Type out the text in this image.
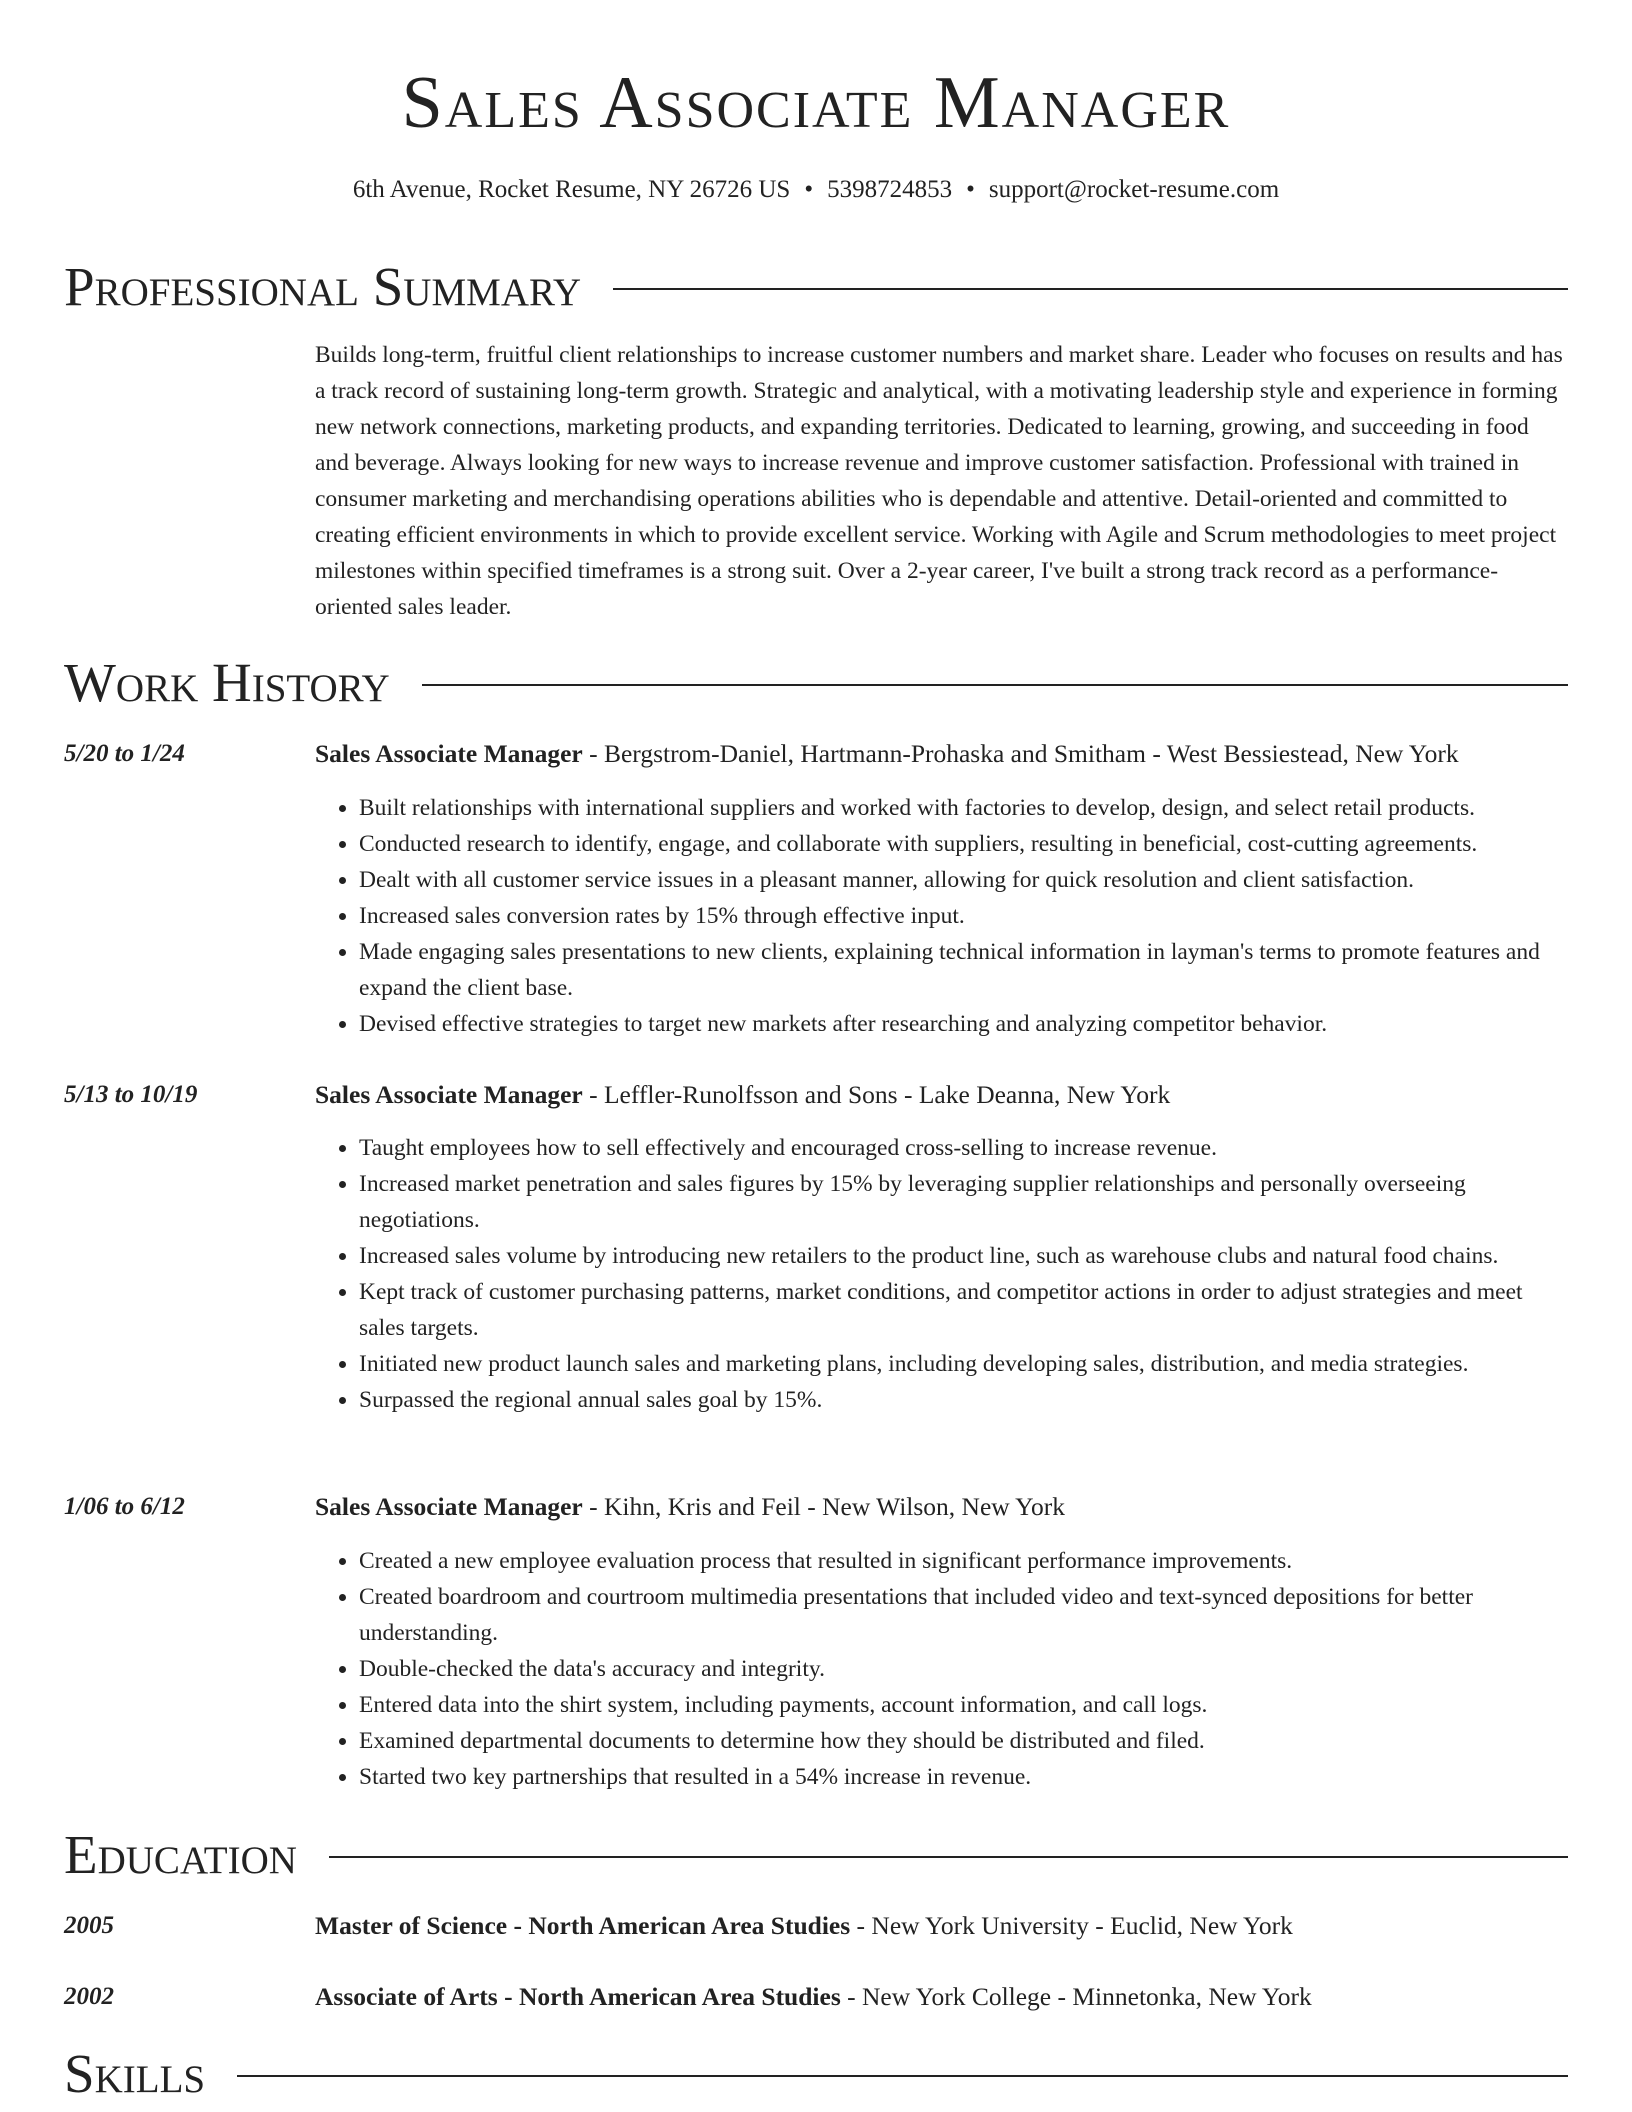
Sales Associate Manager
6th Avenue, Rocket Resume, NY 26726 US • 5398724853 • support@rocket-resume.com
Professional Summary
Builds long-term, fruitful client relationships to increase customer numbers and market share. Leader who focuses on results and has a track record of sustaining long-term growth. Strategic and analytical, with a motivating leadership style and experience in forming new network connections, marketing products, and expanding territories. Dedicated to learning, growing, and succeeding in food and beverage. Always looking for new ways to increase revenue and improve customer satisfaction. Professional with trained in consumer marketing and merchandising operations abilities who is dependable and attentive. Detail-oriented and committed to creating efficient environments in which to provide excellent service. Working with Agile and Scrum methodologies to meet project milestones within specified timeframes is a strong suit. Over a 2-year career, I've built a strong track record as a performance-oriented sales leader.
Work History
5/20 to 1/24	Sales Associate Manager - Bergstrom-Daniel, Hartmann-Prohaska and Smitham - West Bessiestead, New York
• Built relationships with international suppliers and worked with factories to develop, design, and select retail products.
• Conducted research to identify, engage, and collaborate with suppliers, resulting in beneficial, cost-cutting agreements.
• Dealt with all customer service issues in a pleasant manner, allowing for quick resolution and client satisfaction.
• Increased sales conversion rates by 15% through effective input.
• Made engaging sales presentations to new clients, explaining technical information in layman's terms to promote features and expand the client base.
• Devised effective strategies to target new markets after researching and analyzing competitor behavior.
5/13 to 10/19	Sales Associate Manager - Leffler-Runolfsson and Sons - Lake Deanna, New York
• Taught employees how to sell effectively and encouraged cross-selling to increase revenue.
• Increased market penetration and sales figures by 15% by leveraging supplier relationships and personally overseeing negotiations.
• Increased sales volume by introducing new retailers to the product line, such as warehouse clubs and natural food chains.
• Kept track of customer purchasing patterns, market conditions, and competitor actions in order to adjust strategies and meet sales targets.
• Initiated new product launch sales and marketing plans, including developing sales, distribution, and media strategies.
• Surpassed the regional annual sales goal by 15%.
1/06 to 6/12	Sales Associate Manager - Kihn, Kris and Feil - New Wilson, New York
• Created a new employee evaluation process that resulted in significant performance improvements.
• Created boardroom and courtroom multimedia presentations that included video and text-synced depositions for better understanding.
• Double-checked the data's accuracy and integrity.
• Entered data into the shirt system, including payments, account information, and call logs.
• Examined departmental documents to determine how they should be distributed and filed.
• Started two key partnerships that resulted in a 54% increase in revenue.
Education
2005	Master of Science - North American Area Studies - New York University - Euclid, New York
2002	Associate of Arts - North American Area Studies - New York College - Minnetonka, New York
Skills
